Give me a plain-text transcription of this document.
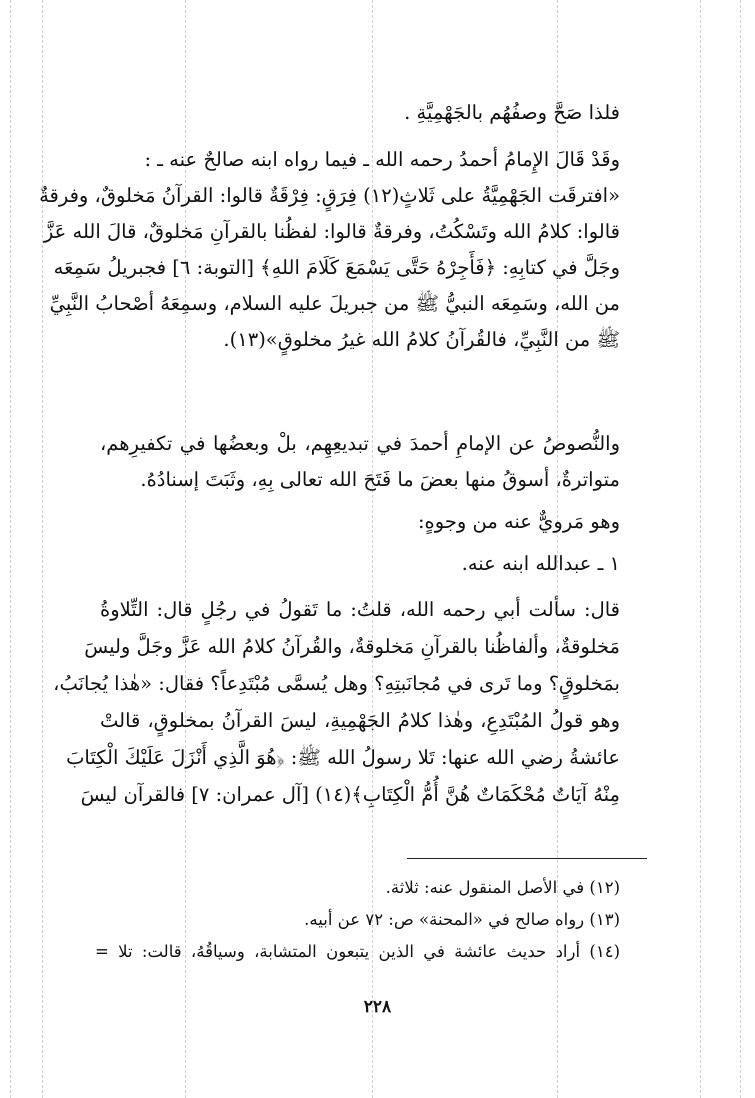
فلذا صَحَّ وصفُهُم بالجَهْمِيَّةِ .
وقَدْ قَالَ الإِمامُ أحمدُ رحمه الله ـ فيما رواه ابنه صالحٌ عنه ـ :
«افترقَت الجَهْمِيَّةُ على ثَلاثٍ(١٢) فِرَقٍ: فِرْقَةٌ قالوا: القرآنُ مَخلوقٌ، وفرقةٌ
قالوا: كلامُ الله وتَسْكُتُ، وفرقةٌ قالوا: لفظُنا بالقرآنِ مَخلوقٌ، قالَ الله عَزَّ
وجَلَّ في كتابِهِ: ﴿فَأَجِرْهُ حَتَّى يَسْمَعَ كَلَامَ اللهِ﴾ [التوبة: ٦] فجبريلُ سَمِعَه
من الله، وسَمِعَه النبيُّ ﷺ من جبريلَ عليه السلام، وسمِعَهُ أصْحابُ النَّبِيِّ
ﷺ من النَّبِيِّ، فالقُرآنُ كلامُ الله غيرُ مخلوقٍ»(١٣).
والنُّصوصُ عن الإمامِ أحمدَ في تبديعِهِم، بلْ وبعضُها في تكفيرِهم،
متواترةٌ، أسوقُ منها بعضَ ما فَتَحَ الله تعالى بِهِ، وثَبَتَ إسنادُهُ.
وهو مَرويٌّ عنه من وجوهٍ:
١ ـ عبدالله ابنه عنه.
قال: سألت أبي رحمه الله، قلتُ: ما تَقولُ في رجُلٍ قال: التِّلاوةُ
مَخلوقةٌ، وألفاظُنا بالقرآنِ مَخلوقةٌ، والقُرآنُ كلامُ الله عَزَّ وجَلَّ وليسَ
بمَخلوقٍ؟ وما تَرى في مُجانَبتِهِ؟ وهل يُسمَّى مُبْتَدِعاً؟ فقال: «هٰذا يُجانَبُ،
وهو قولُ المُبْتَدِعِ، وهٰذا كلامُ الجَهْمِيةِ، ليسَ القرآنُ بمخلوقٍ، قالتْ
عائشةُ رضي الله عنها: تَلا رسولُ الله ﷺ: ﴿هُوَ الَّذِي أَنْزَلَ عَلَيْكَ الْكِتَابَ
مِنْهُ آيَاتٌ مُحْكَمَاتٌ هُنَّ أُمُّ الْكِتَابِ﴾(١٤) [آل عمران: ٧] فالقرآن ليسَ
(١٢) في الأصل المنقول عنه: ثلاثة.
(١٣) رواه صالح في «المحنة» ص: ٧٢ عن أبيه.
(١٤) أراد حديث عائشة في الذين يتبعون المتشابة، وسياقُهُ، قالت: تلا =
٢٢٨
